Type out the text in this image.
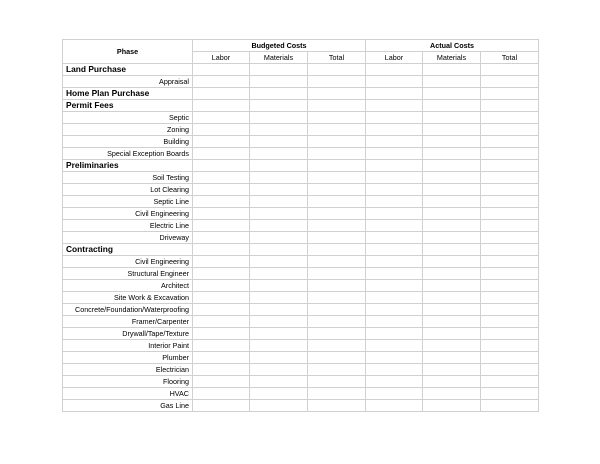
Phase	Budgeted Costs			Actual Costs		
	Labor	Materials	Total	Labor	Materials	Total
Land Purchase						
Appraisal						
Home Plan Purchase						
Permit Fees						
Septic						
Zoning						
Building						
Special Exception Boards						
Preliminaries						
Soil Testing						
Lot Clearing						
Septic Line						
Civil Engineering						
Electric Line						
Driveway						
Contracting						
Civil Engineering						
Structural Engineer						
Architect						
Site Work & Excavation						
Concrete/Foundation/Waterproofing						
Framer/Carpenter						
Drywall/Tape/Texture						
Interior Paint						
Plumber						
Electrician						
Flooring						
HVAC						
Gas Line						
